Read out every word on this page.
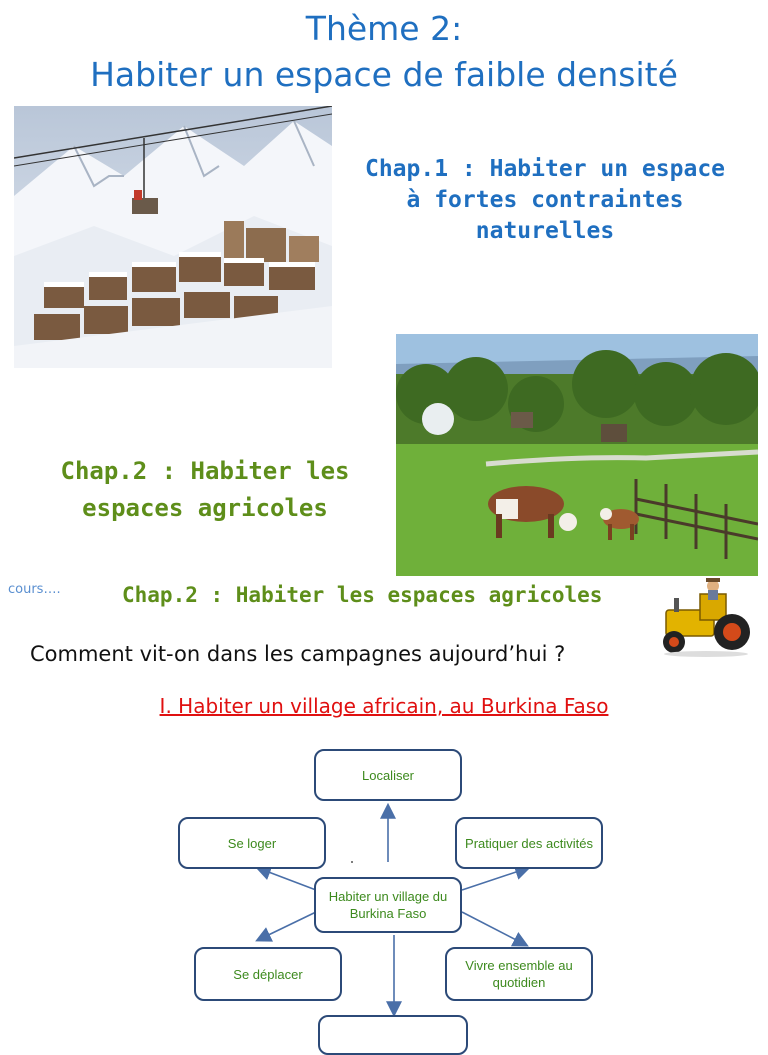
Thème 2:
Habiter un espace de faible densité
Chap.1 : Habiter un espace
à fortes contraintes
naturelles
Chap.2 : Habiter les
espaces agricoles
cours….	Chap.2 : Habiter les espaces agricoles
Comment vit-on dans les campagnes aujourd’hui ?
I. Habiter un village africain, au Burkina Faso
Localiser
Se loger	Pratiquer des activités
Habiter un village du Burkina Faso
Se déplacer
Vivre ensemble au quotidien
